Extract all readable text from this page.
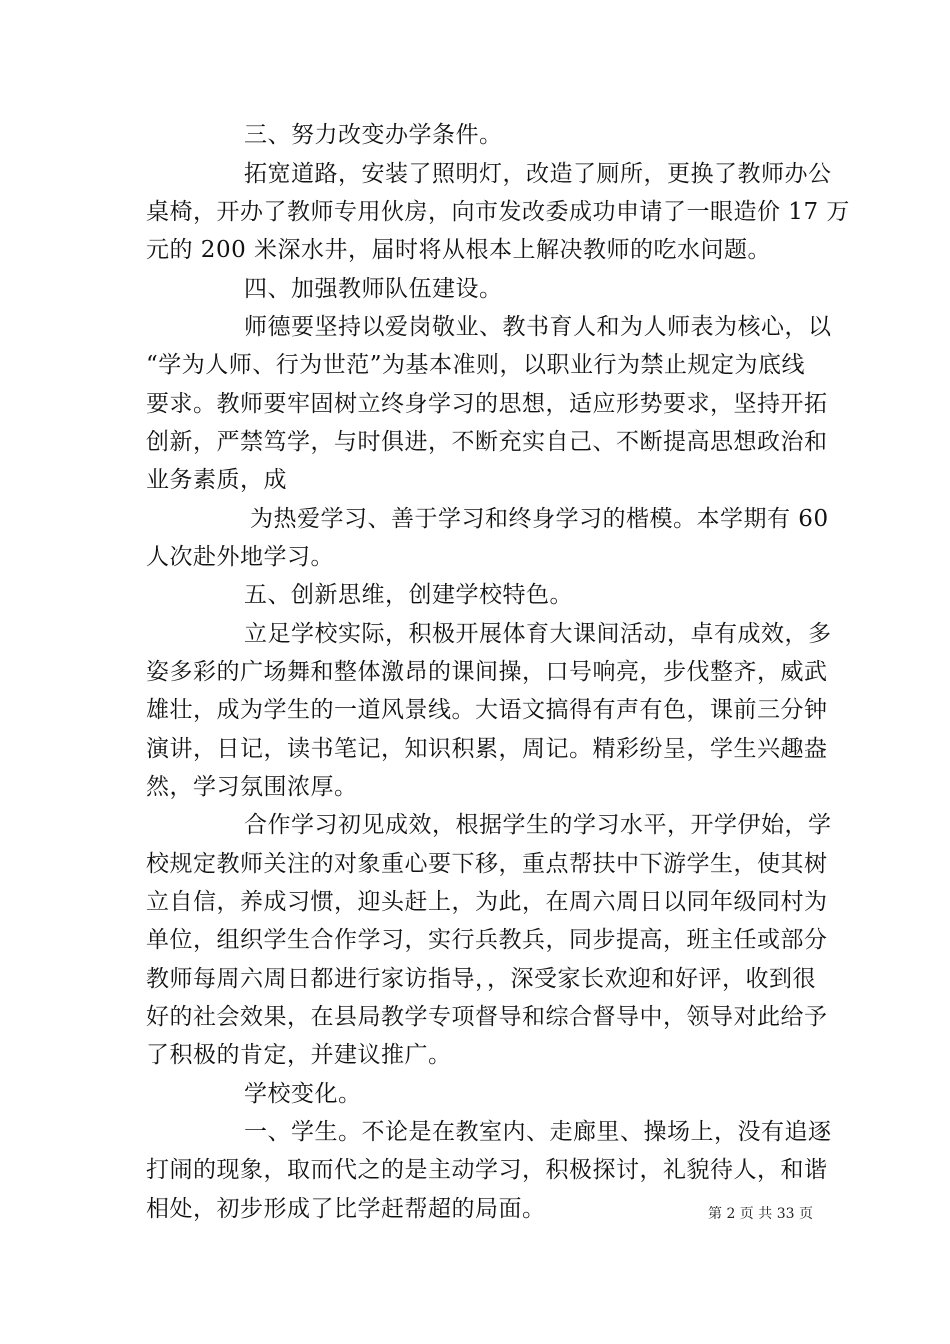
三、努力改变办学条件。
拓宽道路，安装了照明灯，改造了厕所，更换了教师办公
桌椅，开办了教师专用伙房，向市发改委成功申请了一眼造价 17 万
元的 200 米深水井，届时将从根本上解决教师的吃水问题。
四、加强教师队伍建设。
师德要坚持以爱岗敬业、教书育人和为人师表为核心，以
“学为人师、行为世范”为基本准则，以职业行为禁止规定为底线
要求。教师要牢固树立终身学习的思想，适应形势要求，坚持开拓
创新，严禁笃学，与时俱进，不断充实自己、不断提高思想政治和
业务素质，成
为热爱学习、善于学习和终身学习的楷模。本学期有 60
人次赴外地学习。
五、创新思维，创建学校特色。
立足学校实际，积极开展体育大课间活动，卓有成效，多
姿多彩的广场舞和整体激昂的课间操，口号响亮，步伐整齐，威武
雄壮，成为学生的一道风景线。大语文搞得有声有色，课前三分钟
演讲，日记，读书笔记，知识积累，周记。精彩纷呈，学生兴趣盎
然，学习氛围浓厚。
合作学习初见成效，根据学生的学习水平，开学伊始，学
校规定教师关注的对象重心要下移，重点帮扶中下游学生，使其树
立自信，养成习惯，迎头赶上，为此，在周六周日以同年级同村为
单位，组织学生合作学习，实行兵教兵，同步提高，班主任或部分
教师每周六周日都进行家访指导，，深受家长欢迎和好评，收到很
好的社会效果，在县局教学专项督导和综合督导中，领导对此给予
了积极的肯定，并建议推广。
学校变化。
一、学生。不论是在教室内、走廊里、操场上，没有追逐
打闹的现象，取而代之的是主动学习，积极探讨，礼貌待人，和谐
相处，初步形成了比学赶帮超的局面。	第 2 页 共 33 页
